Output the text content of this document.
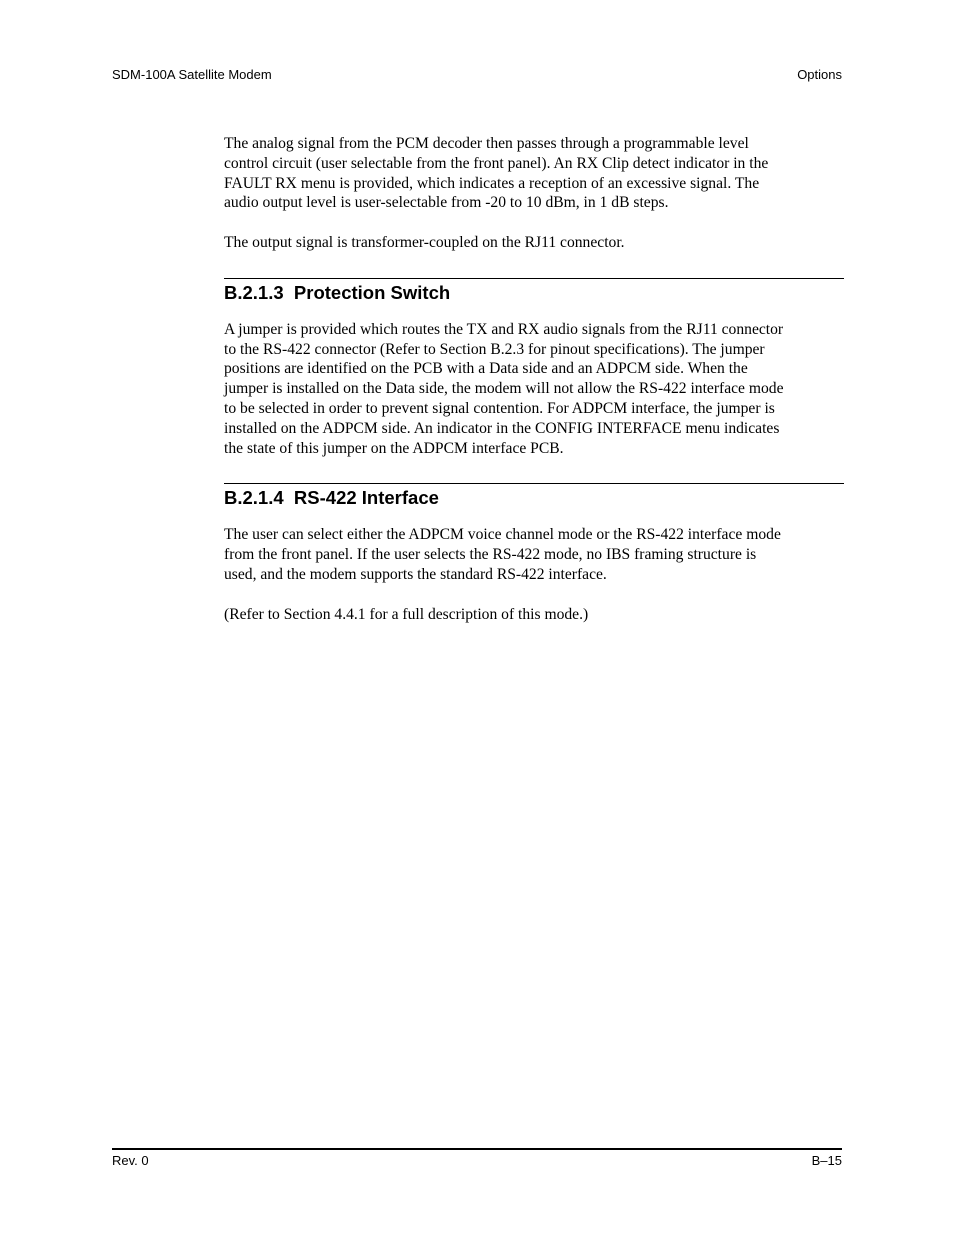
SDM-100A Satellite Modem	Options

The analog signal from the PCM decoder then passes through a programmable level
control circuit (user selectable from the front panel). An RX Clip detect indicator in the
FAULT RX menu is provided, which indicates a reception of an excessive signal. The
audio output level is user-selectable from -20 to 10 dBm, in 1 dB steps.

The output signal is transformer-coupled on the RJ11 connector.

B.2.1.3  Protection Switch

A jumper is provided which routes the TX and RX audio signals from the RJ11 connector
to the RS-422 connector (Refer to Section B.2.3 for pinout specifications). The jumper
positions are identified on the PCB with a Data side and an ADPCM side. When the
jumper is installed on the Data side, the modem will not allow the RS-422 interface mode
to be selected in order to prevent signal contention. For ADPCM interface, the jumper is
installed on the ADPCM side. An indicator in the CONFIG INTERFACE menu indicates
the state of this jumper on the ADPCM interface PCB.

B.2.1.4  RS-422 Interface

The user can select either the ADPCM voice channel mode or the RS-422 interface mode
from the front panel. If the user selects the RS-422 mode, no IBS framing structure is
used, and the modem supports the standard RS-422 interface.

(Refer to Section 4.4.1 for a full description of this mode.)

Rev. 0	B–15
